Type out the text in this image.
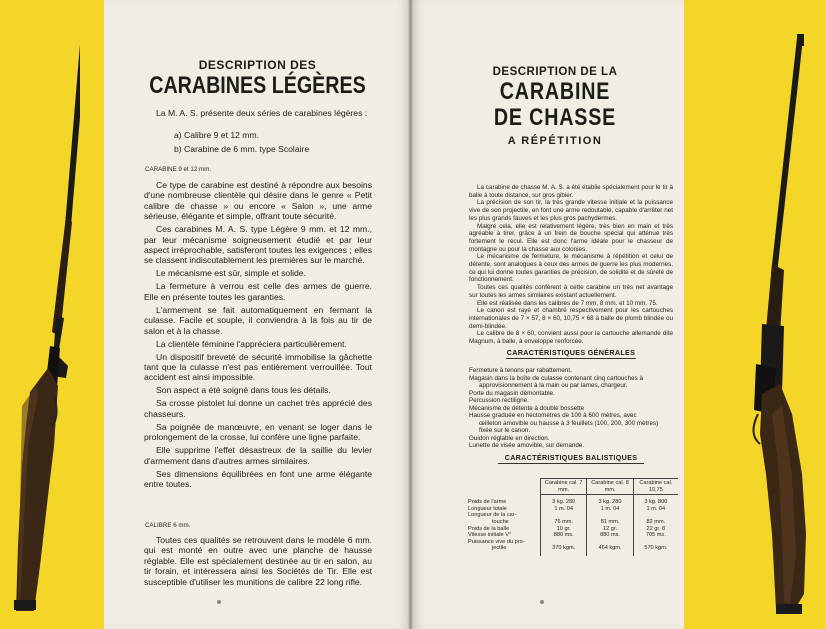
DESCRIPTION DES
CARABINES LÉGÈRES

La M. A. S. présente deux séries de carabines légères :

a) Calibre 9 et 12 mm.
b) Carabine de 6 mm. type Scolaire
CARABINE 9 et 12 mm.

Ce type de carabine est destiné à répondre aux besoins d'une nombreuse clientèle qui désire dans le genre « Petit calibre de chasse » ou encore « Salon », une arme sérieuse, élégante et simple, offrant toute sécurité.

Ces carabines M. A. S. type Légère 9 mm. et 12 mm., par leur mécanisme soigneusement étudié et par leur aspect irréprochable, satisferont toutes les exigences ; elles se classent indiscutablement les premières sur le marché.

Le mécanisme est sûr, simple et solide.

La fermeture à verrou est celle des armes de guerre. Elle en présente toutes les garanties.

L'armement se fait automatiquement en fermant la culasse. Facile et souple, il conviendra à la fois au tir de salon et à la chasse.

La clientèle féminine l'appréciera particulièrement.

Un dispositif breveté de sécurité immobilise la gâchette tant que la culasse n'est pas entièrement verrouillée. Tout accident est ainsi impossible.

Son aspect a été soigné dans tous les détails.

Sa crosse pistolet lui donne un cachet très apprécié des chasseurs.

Sa poignée de manœuvre, en venant se loger dans le prolongement de la crosse, lui confère une ligne parfaite.

Elle supprime l'effet désastreux de la saillie du levier d'armement dans d'autres armes similaires.

Ses dimensions équilibrées en font une arme élégante entre toutes.

CALIBRE 6 mm.

Toutes ces qualités se retrouvent dans le modèle 6 mm. qui est monté en outre avec une planche de hausse réglable. Elle est spécialement destinée au tir en salon, au tir forain, et intéressera ainsi les Sociétés de Tir. Elle est susceptible d'utiliser les munitions de calibre 22 long rifle.

DESCRIPTION DE LA
CARABINE
DE CHASSE
A RÉPÉTITION

La carabine de chasse M. A. S. a été établie spécialement pour le tir à balle à toute distance, sur gros gibier.

La précision de son tir, la très grande vitesse initiale et la puissance vive de son projectile, en font une arme redoutable, capable d'arrêter net les plus grands fauves et les plus gros pachydermes.

Malgré cela, elle est relativement légère, très bien en main et très agréable à tirer, grâce à un frein de bouche spécial qui atténue très fortement le recul. Elle est donc l'arme idéale pour le chasseur de montagne ou pour la chasse aux colonies.

Le mécanisme de fermeture, le mécanisme à répétition et celui de détente, sont analogues à ceux des armes de guerre les plus modernes, ce qui lui donne toutes garanties de précision, de solidité et de sûreté de fonctionnement.

Toutes ces qualités confèrent à cette carabine un très net avantage sur toutes les armes similaires existant actuellement.

Elle est réalisée dans les calibres de 7 mm, 8 mm. et 10 mm. 75.

Le canon est rayé et chambré respectivement pour les cartouches internationales de 7 × 57, 8 × 60, 10,75 × 68 à balle de plomb blindée ou demi-blindée.

Le calibre de 8 × 60, convient aussi pour la cartouche allemande dite Magnum, à balle, à enveloppe renforcée.

CARACTÉRISTIQUES GÉNÉRALES
Fermeture à tenons par rabattement.
Magasin dans la boîte de culasse contenant cinq cartouches à
approvisionnement à la main ou par lames, chargeur.
Porte du magasin démontable.
Percussion rectiligne.
Mécanisme de détente à double bossette
Hausse graduée en hectomètres de 100 à 600 mètres, avec
œilleton amovible ou hausse à 3 feuillets (100, 200, 300 mètres)
fixée sur le canon.
Guidon réglable en direction.
Lunette de visée amovible, sur demande.
CARACTÉRISTIQUES BALISTIQUES
	Carabine cal. 7 mm.	Carabine cal. 8 mm.	Carabine cal. 10,75
Poids de l'arme	3 kg. 280	3 kg. 280	3 kg. 800
Longueur totale	1 m. 04	1 m. 04	1 m. 04
Longueur de la car-			
touche	76 mm.	81 mm.	82 mm.
Poids de la balle	10 gr.	12 gr.	22 gr. 8
Vitesse initiale V°	880 ms.	880 ms.	705 ms.
Puissance vive du pro-			
jectile	370 kgm.	464 kgm.	570 kgm.
